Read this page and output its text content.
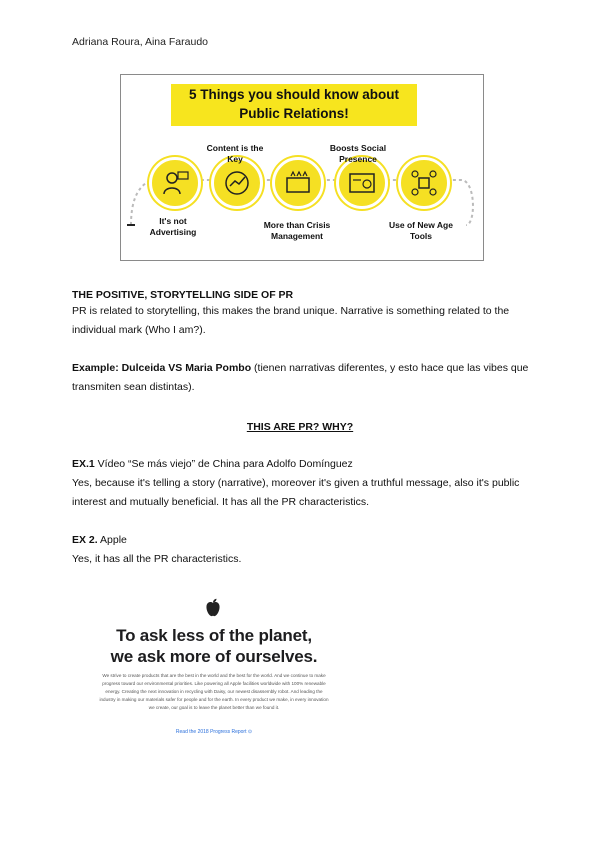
Adriana Roura, Aina Faraudo
5 Things you should know about
Public Relations!
It's not Advertising
Content is the Key
More than Crisis Management
Boosts Social Presence
Use of New Age Tools
THE POSITIVE, STORYTELLING SIDE OF PR
PR is related to storytelling, this makes the brand unique. Narrative is something related to the individual mark (Who I am?).
Example: Dulceida VS Maria Pombo (tienen narrativas diferentes, y esto hace que las vibes que transmiten sean distintas).
THIS ARE PR? WHY?
EX.1 Vídeo “Se más viejo” de China para Adolfo Domínguez
Yes, because it's telling a story (narrative), moreover it's given a truthful message, also it's public interest and mutually beneficial. It has all the PR characteristics.
EX 2. Apple
Yes, it has all the PR characteristics.
To ask less of the planet,
we ask more of ourselves.
We strive to create products that are the best in the world and the best for the world. And we continue to make progress toward our environmental priorities. Like powering all Apple facilities worldwide with 100% renewable energy. Creating the next innovation in recycling with Daisy, our newest disassembly robot. And leading the industry in making our materials safer for people and for the earth. In every product we make, in every innovation we create, our goal is to leave the planet better than we found it.
Read the 2018 Progress Report ⊙
